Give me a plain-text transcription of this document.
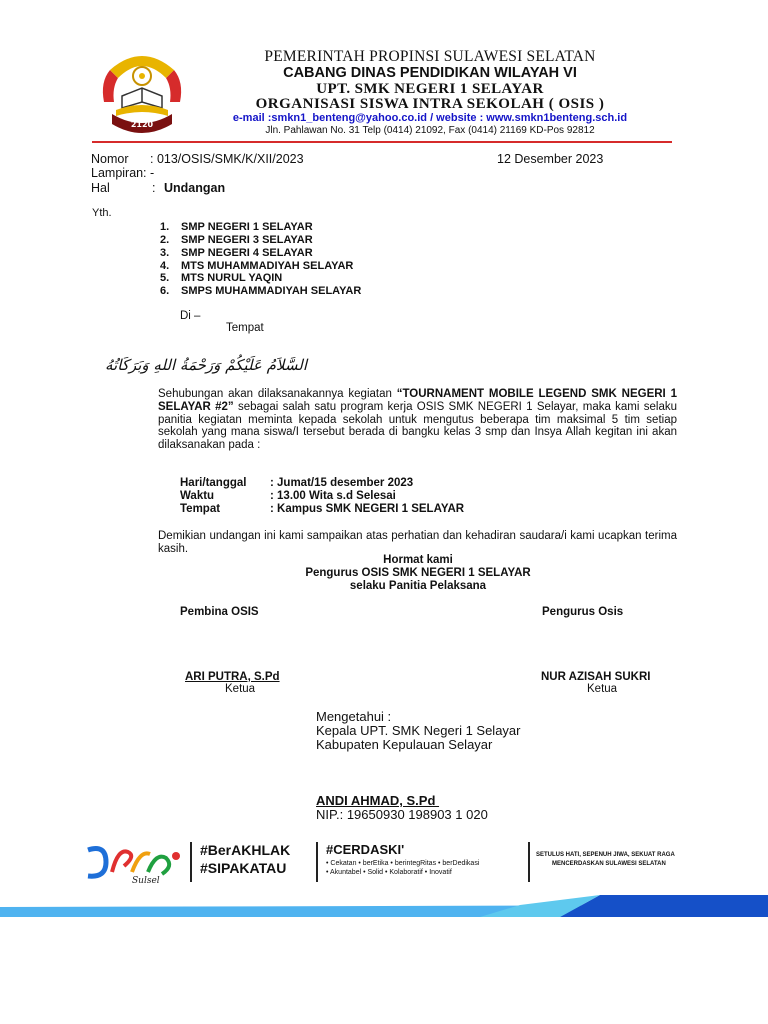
2120
PEMERINTAH PROPINSI SULAWESI SELATAN
CABANG DINAS PENDIDIKAN WILAYAH VI
UPT. SMK NEGERI 1 SELAYAR
ORGANISASI SISWA INTRA SEKOLAH ( OSIS )
e-mail :smkn1_benteng@yahoo.co.id / website : www.smkn1benteng.sch.id
Jln. Pahlawan No. 31 Telp (0414) 21092, Fax (0414) 21169 KD-Pos 92812
Nomor : 013/OSIS/SMK/K/XII/2023	12 Desember 2023
Lampiran : -
Hal	: Undangan
Yth.
1. SMP NEGERI 1 SELAYAR
2. SMP NEGERI 3 SELAYAR
3. SMP NEGERI 4 SELAYAR
4. MTS MUHAMMADIYAH SELAYAR
5. MTS NURUL YAQIN
6. SMPS MUHAMMADIYAH SELAYAR
Di –
Tempat
السَّلاَمُ عَلَيْكُمْ وَرَحْمَةُ اللهِ وَبَرَكَاتُهُ
Sehubungan akan dilaksanakannya kegiatan “TOURNAMENT MOBILE LEGEND SMK NEGERI 1 SELAYAR #2” sebagai salah satu program kerja OSIS SMK NEGERI 1 Selayar, maka kami selaku panitia kegiatan meminta kepada sekolah untuk mengutus beberapa tim maksimal 5 tim setiap sekolah yang mana siswa/I tersebut berada di bangku kelas 3 smp dan Insya Allah kegitan ini akan dilaksanakan pada :
Hari/tanggal : Jumat/15 desember 2023
Waktu	: 13.00 Wita s.d Selesai
Tempat	: Kampus SMK NEGERI 1 SELAYAR
Demikian undangan ini kami sampaikan atas perhatian dan kehadiran saudara/i kami ucapkan terima kasih.
Hormat kami
Pengurus OSIS SMK NEGERI 1 SELAYAR
selaku Panitia Pelaksana
Pembina OSIS	Pengurus Osis
ARI PUTRA, S.Pd
Ketua
NUR AZISAH SUKRI
Ketua
Mengetahui :
Kepala UPT. SMK Negeri 1 Selayar
Kabupaten Kepulauan Selayar
ANDI AHMAD, S.Pd
NIP.: 19650930 198903 1 020
Sulsel
#BerAKHLAK
#SIPAKATAU
#CERDASKI'
• Cekatan • berEtika • berintegRitas • berDedikasi
• Akuntabel • Solid • Kolaboratif • Inovatif
SETULUS HATI, SEPENUH JIWA, SEKUAT RAGA
MENCERDASKAN SULAWESI SELATAN
